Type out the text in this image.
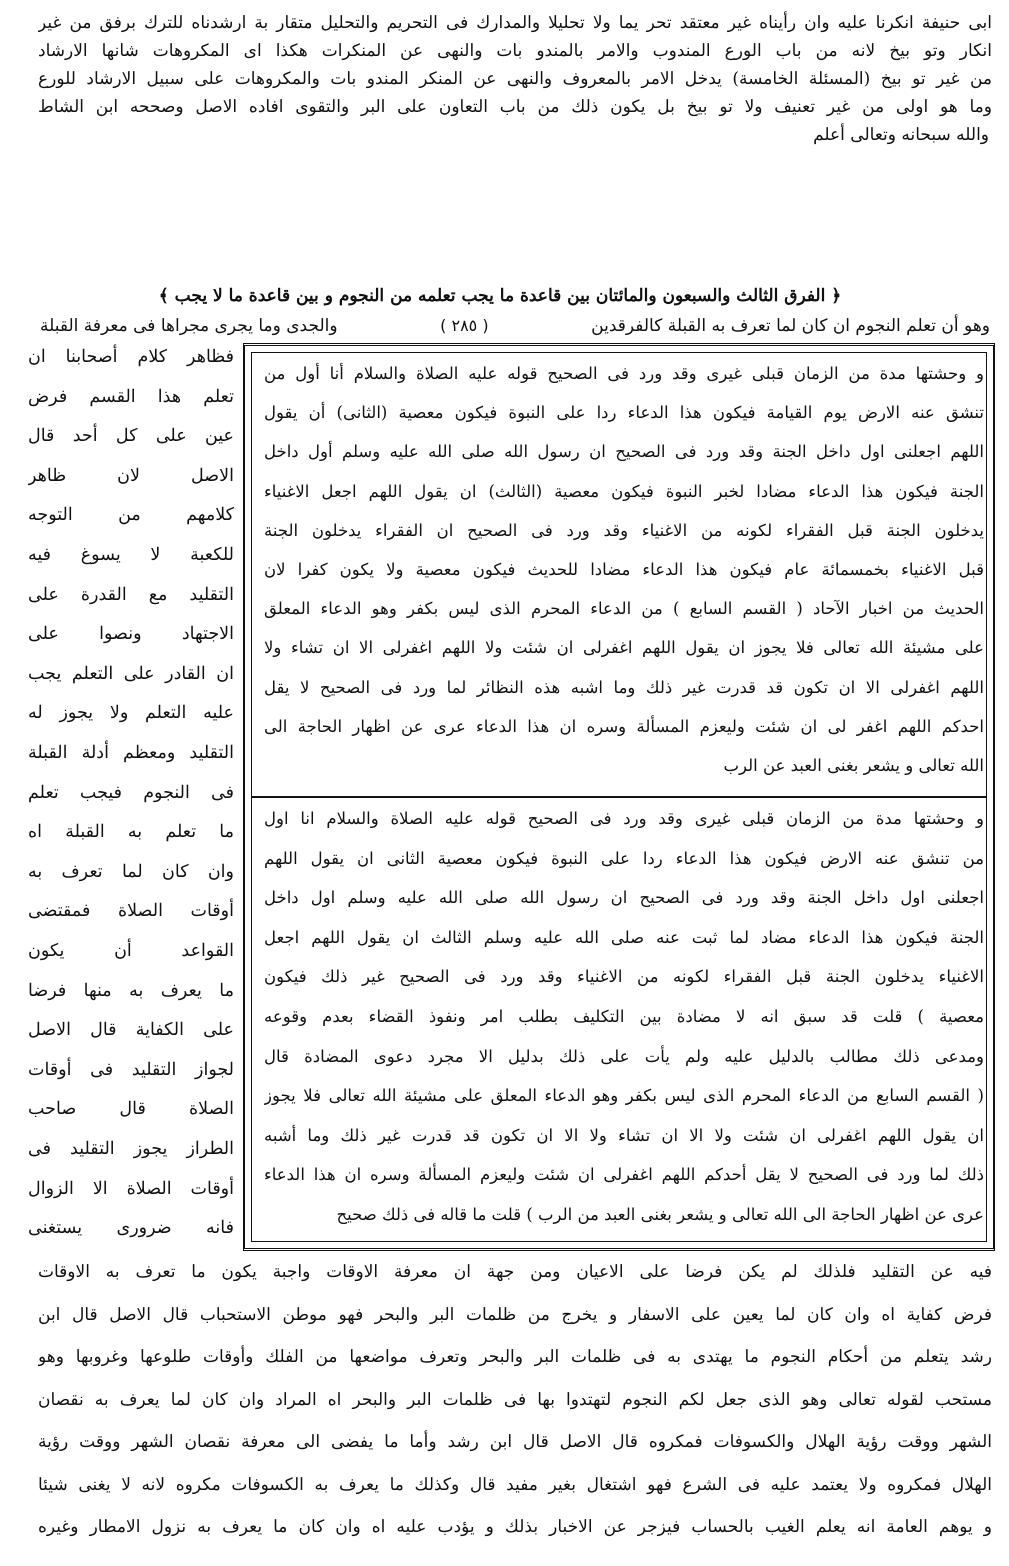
ابى حنيفة انكرنا عليه وان رأيناه غير معتقد تحر يما ولا تحليلا والمدارك فى التحريم والتحليل متقار بة ارشدناه للترك برفق من غير
انكار وتو بيخ لانه من باب الورع المندوب والامر بالمندو بات والنهى عن المنكرات هكذا اى المكروهات شانها الارشاد
من غير تو بيخ (المسئلة الخامسة) يدخل الامر بالمعروف والنهى عن المنكر المندو بات والمكروهات على سبيل الارشاد للورع
وما هو اولى من غير تعنيف ولا تو بيخ بل يكون ذلك من باب التعاون على البر والتقوى افاده الاصل وصححه ابن الشاط
والله سبحانه وتعالى أعلم
﴿ الفرق الثالث والسبعون والمائتان بين قاعدة ما يجب تعلمه من النجوم و بين قاعدة ما لا يجب ﴾
وهو أن تعلم النجوم ان كان لما تعرف به القبلة كالفرقدين
( ٢٨٥ )
والجدى وما يجرى مجراها فى معرفة القبلة
فظاهر كلام أصحابنا ان
تعلم هذا القسم فرض
عين على كل أحد قال
الاصل لان ظاهر
كلامهم من التوجه
للكعبة لا يسوغ فيه
التقليد مع القدرة على
الاجتهاد ونصوا على
ان القادر على التعلم يجب
عليه التعلم ولا يجوز له
التقليد ومعظم أدلة القبلة
فى النجوم فيجب تعلم
ما تعلم به القبلة اه
وان كان لما تعرف به
أوقات الصلاة فمقتضى
القواعد أن يكون
ما يعرف به منها فرضا
على الكفاية قال الاصل
لجواز التقليد فى أوقات
الصلاة قال صاحب
الطراز يجوز التقليد فى
أوقات الصلاة الا الزوال
فانه ضرورى يستغنى
و وحشتها مدة من الزمان قبلى غيرى وقد ورد فى الصحيح قوله عليه الصلاة والسلام أنا أول من
تنشق عنه الارض يوم القيامة فيكون هذا الدعاء ردا على النبوة فيكون معصية (الثانى) أن يقول
اللهم اجعلنى اول داخل الجنة وقد ورد فى الصحيح ان رسول الله صلى الله عليه وسلم أول داخل
الجنة فيكون هذا الدعاء مضادا لخبر النبوة فيكون معصية (الثالث) ان يقول اللهم اجعل الاغنياء
يدخلون الجنة قبل الفقراء لكونه من الاغنياء وقد ورد فى الصحيح ان الفقراء يدخلون الجنة
قبل الاغنياء بخمسمائة عام فيكون هذا الدعاء مضادا للحديث فيكون معصية ولا يكون كفرا لان
الحديث من اخبار الآحاد ( القسم السابع ) من الدعاء المحرم الذى ليس بكفر وهو الدعاء المعلق
على مشيئة الله تعالى فلا يجوز ان يقول اللهم اغفرلى ان شئت ولا اللهم اغفرلى الا ان تشاء ولا
اللهم اغفرلى الا ان تكون قد قدرت غير ذلك وما اشبه هذه النظائر لما ورد فى الصحيح لا يقل
احدكم اللهم اغفر لى ان شئت وليعزم المسألة وسره ان هذا الدعاء عرى عن اظهار الحاجة الى
الله تعالى و يشعر بغنى العبد عن الرب
و وحشتها مدة من الزمان قبلى غيرى وقد ورد فى الصحيح قوله عليه الصلاة والسلام انا اول
من تنشق عنه الارض فيكون هذا الدعاء ردا على النبوة فيكون معصية الثانى ان يقول اللهم
اجعلنى اول داخل الجنة وقد ورد فى الصحيح ان رسول الله صلى الله عليه وسلم اول داخل
الجنة فيكون هذا الدعاء مضاد لما ثبت عنه صلى الله عليه وسلم الثالث ان يقول اللهم اجعل
الاغنياء يدخلون الجنة قبل الفقراء لكونه من الاغنياء وقد ورد فى الصحيح غير ذلك فيكون
معصية ) قلت قد سبق انه لا مضادة بين التكليف بطلب امر ونفوذ القضاء بعدم وقوعه
ومدعى ذلك مطالب بالدليل عليه ولم يأت على ذلك بدليل الا مجرد دعوى المضادة قال
( القسم السابع من الدعاء المحرم الذى ليس بكفر وهو الدعاء المعلق على مشيئة الله تعالى فلا يجوز
ان يقول اللهم اغفرلى ان شئت ولا الا ان تشاء ولا الا ان تكون قد قدرت غير ذلك وما أشبه
ذلك لما ورد فى الصحيح لا يقل أحدكم اللهم اغفرلى ان شئت وليعزم المسألة وسره ان هذا الدعاء
عرى عن اظهار الحاجة الى الله تعالى و يشعر بغنى العبد من الرب ) قلت ما قاله فى ذلك صحيح
فيه عن التقليد فلذلك لم يكن فرضا على الاعيان ومن جهة ان معرفة الاوقات واجبة يكون ما تعرف به الاوقات
فرض كفاية اه وان كان لما يعين على الاسفار و يخرج من ظلمات البر والبحر فهو موطن الاستحباب قال الاصل قال ابن
رشد يتعلم من أحكام النجوم ما يهتدى به فى ظلمات البر والبحر وتعرف مواضعها من الفلك وأوقات طلوعها وغروبها وهو
مستحب لقوله تعالى وهو الذى جعل لكم النجوم لتهتدوا بها فى ظلمات البر والبحر اه المراد وان كان لما يعرف به نقصان
الشهر ووقت رؤية الهلال والكسوفات فمكروه قال الاصل قال ابن رشد وأما ما يفضى الى معرفة نقصان الشهر ووقت رؤية
الهلال فمكروه ولا يعتمد عليه فى الشرع فهو اشتغال بغير مفيد قال وكذلك ما يعرف به الكسوفات مكروه لانه لا يغنى شيئا
و يوهم العامة انه يعلم الغيب بالحساب فيزجر عن الاخبار بذلك و يؤدب عليه اه وان كان ما يعرف به نزول الامطار وغيره
